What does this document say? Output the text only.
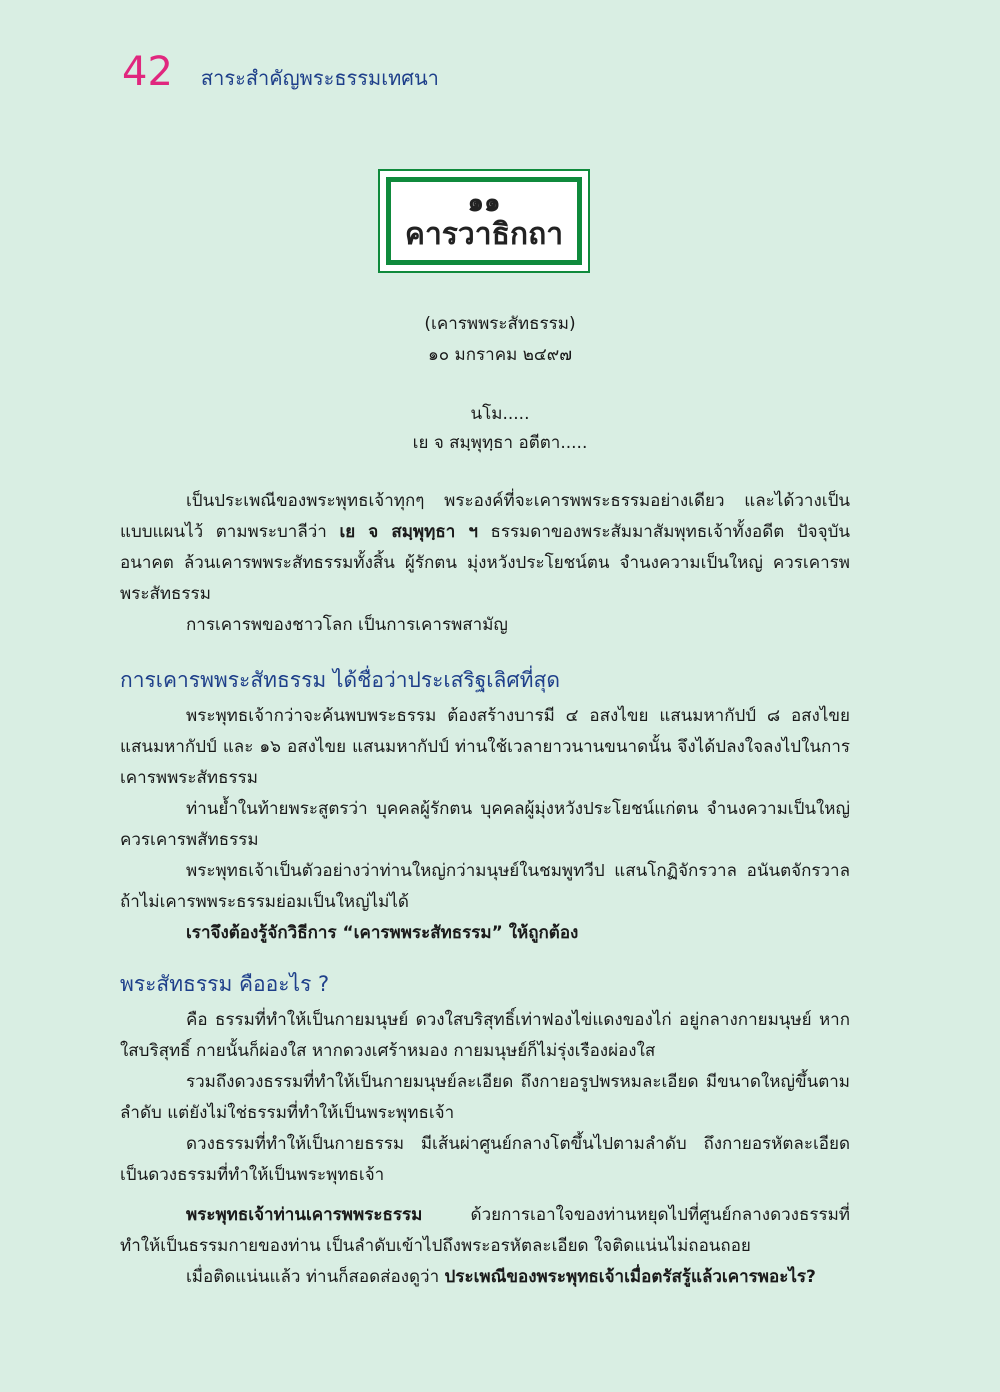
42 สาระสำคัญพระธรรมเทศนา
๑๑
คารวาธิกถา
(เคารพพระสัทธรรม)
๑๐ มกราคม ๒๔๙๗
นโม.....
เย จ สมฺพุทฺธา อตีตา.....

เป็นประเพณีของพระพุทธเจ้าทุกๆ พระองค์ที่จะเคารพพระธรรมอย่างเดียว และได้วางเป็นแบบแผนไว้ ตามพระบาลีว่า เย จ สมฺพุทฺธา ฯ ธรรมดาของพระสัมมาสัมพุทธเจ้าทั้งอดีต ปัจจุบัน อนาคต ล้วนเคารพพระสัทธรรมทั้งสิ้น ผู้รักตน มุ่งหวังประโยชน์ตน จำนงความเป็นใหญ่ ควรเคารพพระสัทธรรม

การเคารพของชาวโลก เป็นการเคารพสามัญ

การเคารพพระสัทธรรม ได้ชื่อว่าประเสริฐเลิศที่สุด

พระพุทธเจ้ากว่าจะค้นพบพระธรรม ต้องสร้างบารมี ๔ อสงไขย แสนมหากัปป์ ๘ อสงไขย แสนมหากัปป์ และ ๑๖ อสงไขย แสนมหากัปป์ ท่านใช้เวลายาวนานขนาดนั้น จึงได้ปลงใจลงไปในการเคารพพระสัทธรรม

ท่านย้ำในท้ายพระสูตรว่า บุคคลผู้รักตน บุคคลผู้มุ่งหวังประโยชน์แก่ตน จำนงความเป็นใหญ่ ควรเคารพสัทธรรม

พระพุทธเจ้าเป็นตัวอย่างว่าท่านใหญ่กว่ามนุษย์ในชมพูทวีป แสนโกฏิจักรวาล อนันตจักรวาล ถ้าไม่เคารพพระธรรมย่อมเป็นใหญ่ไม่ได้

เราจึงต้องรู้จักวิธีการ “เคารพพระสัทธรรม” ให้ถูกต้อง

พระสัทธรรม คืออะไร ?

คือ ธรรมที่ทำให้เป็นกายมนุษย์ ดวงใสบริสุทธิ์เท่าฟองไข่แดงของไก่ อยู่กลางกายมนุษย์ หากใสบริสุทธิ์ กายนั้นก็ผ่องใส หากดวงเศร้าหมอง กายมนุษย์ก็ไม่รุ่งเรืองผ่องใส

รวมถึงดวงธรรมที่ทำให้เป็นกายมนุษย์ละเอียด ถึงกายอรูปพรหมละเอียด มีขนาดใหญ่ขึ้นตามลำดับ แต่ยังไม่ใช่ธรรมที่ทำให้เป็นพระพุทธเจ้า

ดวงธรรมที่ทำให้เป็นกายธรรม มีเส้นผ่าศูนย์กลางโตขึ้นไปตามลำดับ ถึงกายอรหัตละเอียด เป็นดวงธรรมที่ทำให้เป็นพระพุทธเจ้า

พระพุทธเจ้าท่านเคารพพระธรรม ด้วยการเอาใจของท่านหยุดไปที่ศูนย์กลางดวงธรรมที่ ทำให้เป็นธรรมกายของท่าน เป็นลำดับเข้าไปถึงพระอรหัตละเอียด ใจติดแน่นไม่ถอนถอย

เมื่อติดแน่นแล้ว ท่านก็สอดส่องดูว่า ประเพณีของพระพุทธเจ้าเมื่อตรัสรู้แล้วเคารพอะไร?
